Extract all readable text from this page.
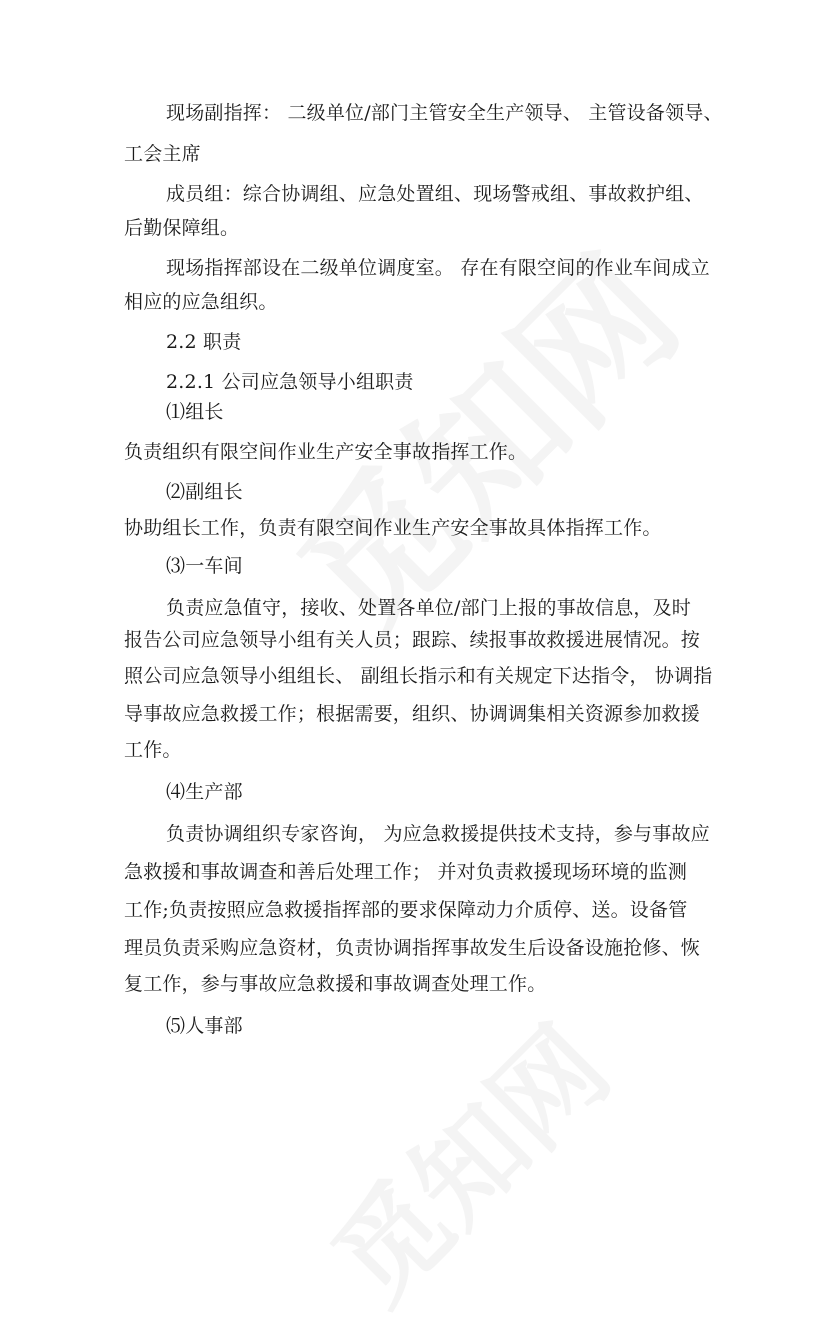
现场副指挥： 二级单位/部门主管安全生产领导、 主管设备领导、
工会主席
成员组：综合协调组、应急处置组、现场警戒组、事故救护组、
后勤保障组。
现场指挥部设在二级单位调度室。 存在有限空间的作业车间成立
相应的应急组织。
2.2 职责
2.2.1 公司应急领导小组职责
⑴组长
负责组织有限空间作业生产安全事故指挥工作。
⑵副组长
协助组长工作，负责有限空间作业生产安全事故具体指挥工作。
⑶一车间
负责应急值守，接收、处置各单位/部门上报的事故信息，及时
报告公司应急领导小组有关人员；跟踪、续报事故救援进展情况。按
照公司应急领导小组组长、 副组长指示和有关规定下达指令， 协调指
导事故应急救援工作；根据需要，组织、协调调集相关资源参加救援
工作。
⑷生产部
负责协调组织专家咨询， 为应急救援提供技术支持，参与事故应
急救援和事故调查和善后处理工作； 并对负责救援现场环境的监测
工作;负责按照应急救援指挥部的要求保障动力介质停、送。设备管
理员负责采购应急资材，负责协调指挥事故发生后设备设施抢修、恢
复工作，参与事故应急救援和事故调查处理工作。
⑸人事部
